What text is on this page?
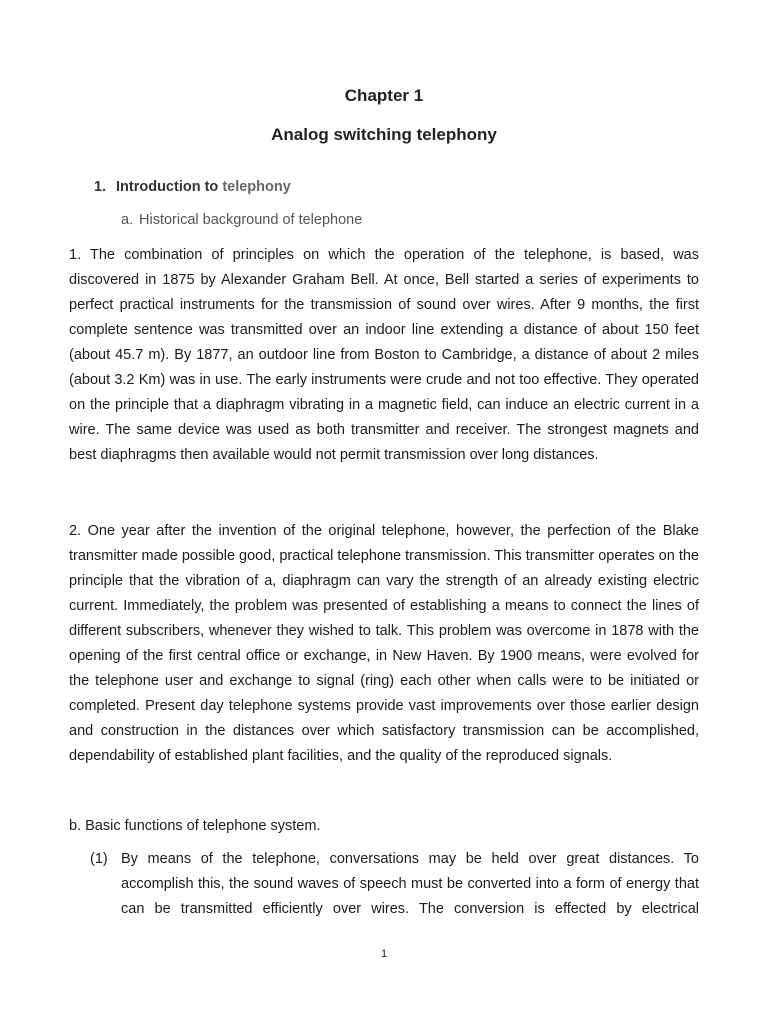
Chapter 1
Analog switching telephony
1. Introduction to telephony
a. Historical background of telephone

1. The combination of principles on which the operation of the telephone, is based, was discovered in 1875 by Alexander Graham Bell. At once, Bell started a series of experiments to perfect practical instruments for the transmission of sound over wires. After 9 months, the first complete sentence was transmitted over an indoor line extending a distance of about 150 feet (about 45.7 m). By 1877, an outdoor line from Boston to Cambridge, a distance of about 2 miles (about 3.2 Km) was in use. The early instruments were crude and not too effective. They operated on the principle that a diaphragm vibrating in a magnetic field, can induce an electric current in a wire. The same device was used as both transmitter and receiver. The strongest magnets and best diaphragms then available would not permit transmission over long distances.

2. One year after the invention of the original telephone, however, the perfection of the Blake transmitter made possible good, practical telephone transmission. This transmitter operates on the principle that the vibration of a, diaphragm can vary the strength of an already existing electric current. Immediately, the problem was presented of establishing a means to connect the lines of different subscribers, whenever they wished to talk. This problem was overcome in 1878 with the opening of the first central office or exchange, in New Haven. By 1900 means, were evolved for the telephone user and exchange to signal (ring) each other when calls were to be initiated or completed. Present day telephone systems provide vast improvements over those earlier design and construction in the distances over which satisfactory transmission can be accomplished, dependability of established plant facilities, and the quality of the reproduced signals.

b. Basic functions of telephone system.
(1) By means of the telephone, conversations may be held over great distances. To accomplish this, the sound waves of speech must be converted into a form of energy that can be transmitted efficiently over wires. The conversion is effected by electrical
1
